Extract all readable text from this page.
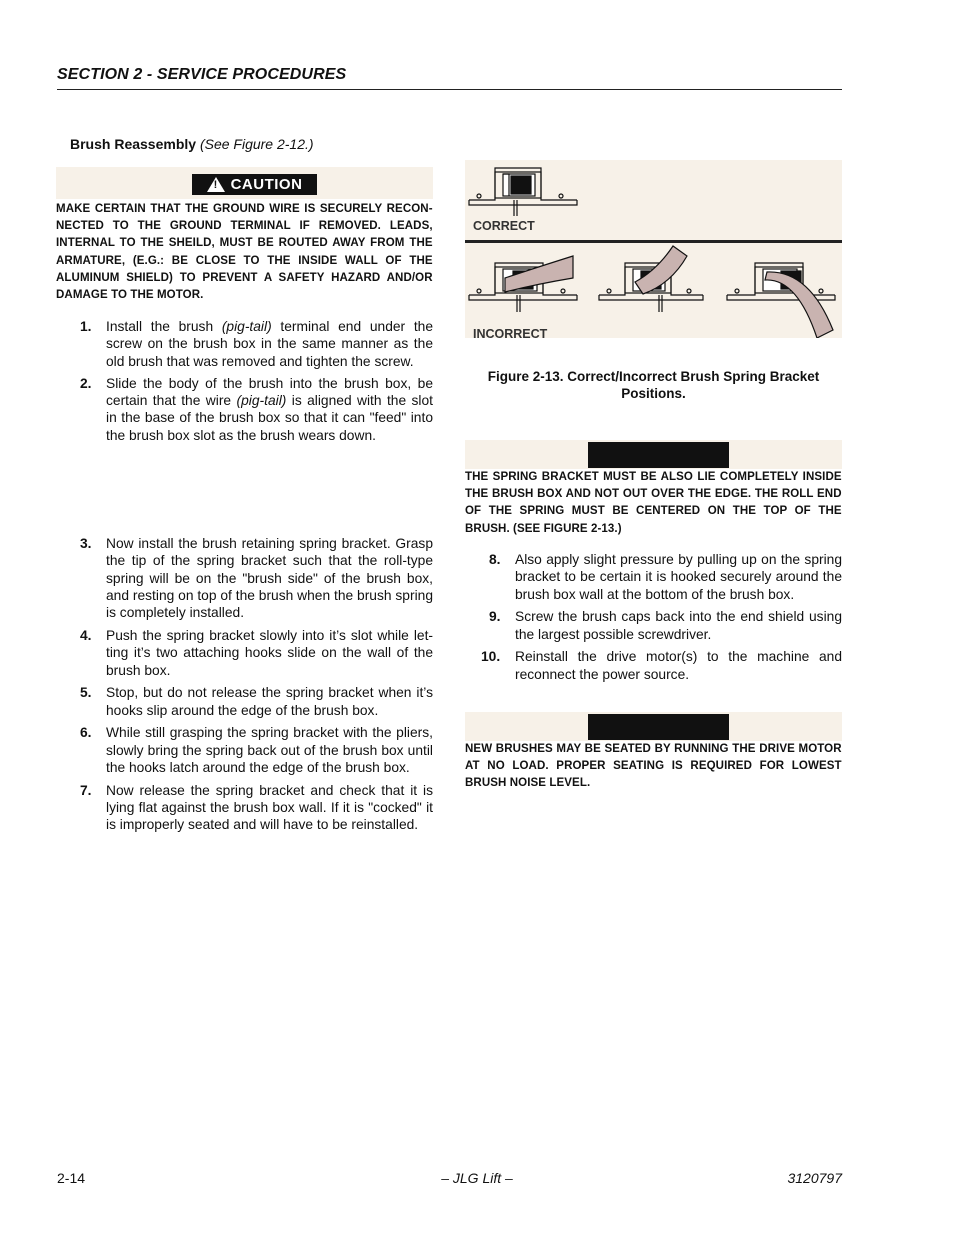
SECTION 2 - SERVICE PROCEDURES
Brush Reassembly (See Figure 2-12.)
!
CAUTION
MAKE CERTAIN THAT THE GROUND WIRE IS SECURELY RECON-NECTED TO THE GROUND TERMINAL IF REMOVED. LEADS, INTERNAL TO THE SHEILD, MUST BE ROUTED AWAY FROM THE ARMATURE, (E.G.: BE CLOSE TO THE INSIDE WALL OF THE ALUMINUM SHIELD) TO PREVENT A SAFETY HAZARD AND/OR DAMAGE TO THE MOTOR.
1. Install the brush (pig-tail) terminal end under the screw on the brush box in the same manner as the old brush that was removed and tighten the screw.
2. Slide the body of the brush into the brush box, be certain that the wire (pig-tail) is aligned with the slot in the base of the brush box so that it can "feed" into the brush box slot as the brush wears down.
3. Now install the brush retaining spring bracket. Grasp the tip of the spring bracket such that the roll-type spring will be on the "brush side" of the brush box, and resting on top of the brush when the brush spring is completely installed.
4. Push the spring bracket slowly into it’s slot while let-ting it’s two attaching hooks slide on the wall of the brush box.
5. Stop, but do not release the spring bracket when it’s hooks slip around the edge of the brush box.
6. While still grasping the spring bracket with the pliers, slowly bring the spring back out of the brush box until the hooks latch around the edge of the brush box.
7. Now release the spring bracket and check that it is lying flat against the brush box wall. If it is "cocked" it is improperly seated and will have to be reinstalled.
CORRECT
INCORRECT
Figure 2-13. Correct/Incorrect Brush Spring Bracket
Positions.
THE SPRING BRACKET MUST BE ALSO LIE COMPLETELY INSIDE THE BRUSH BOX AND NOT OUT OVER THE EDGE. THE ROLL END OF THE SPRING MUST BE CENTERED ON THE TOP OF THE BRUSH. (SEE FIGURE 2-13.)
8. Also apply slight pressure by pulling up on the spring bracket to be certain it is hooked securely around the brush box wall at the bottom of the brush box.
9. Screw the brush caps back into the end shield using the largest possible screwdriver.
10. Reinstall the drive motor(s) to the machine and reconnect the power source.
NEW BRUSHES MAY BE SEATED BY RUNNING THE DRIVE MOTOR AT NO LOAD. PROPER SEATING IS REQUIRED FOR LOWEST BRUSH NOISE LEVEL.
2-14	– JLG Lift –	3120797
